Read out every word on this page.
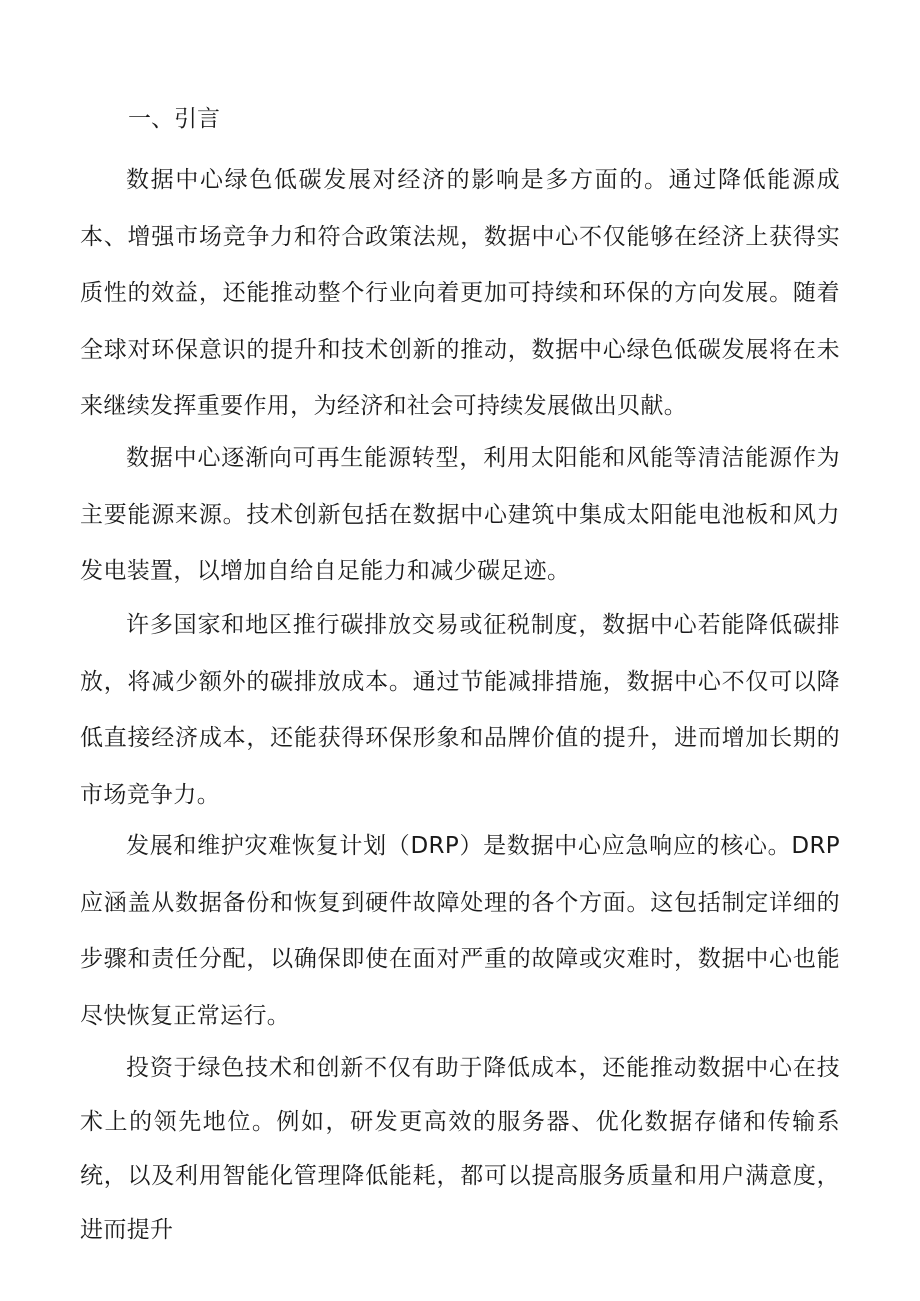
一、引言

数据中心绿色低碳发展对经济的影响是多方面的。通过降低能源成本、增强市场竞争力和符合政策法规，数据中心不仅能够在经济上获得实质性的效益，还能推动整个行业向着更加可持续和环保的方向发展。随着全球对环保意识的提升和技术创新的推动，数据中心绿色低碳发展将在未来继续发挥重要作用，为经济和社会可持续发展做出贝献。

数据中心逐渐向可再生能源转型，利用太阳能和风能等清洁能源作为主要能源来源。技术创新包括在数据中心建筑中集成太阳能电池板和风力发电装置，以增加自给自足能力和减少碳足迹。

许多国家和地区推行碳排放交易或征税制度，数据中心若能降低碳排放，将减少额外的碳排放成本。通过节能减排措施，数据中心不仅可以降低直接经济成本，还能获得环保形象和品牌价值的提升，进而增加长期的市场竞争力。

发展和维护灾难恢复计划（DRP）是数据中心应急响应的核心。DRP应涵盖从数据备份和恢复到硬件故障处理的各个方面。这包括制定详细的步骤和责任分配，以确保即使在面对严重的故障或灾难时，数据中心也能尽快恢复正常运行。

投资于绿色技术和创新不仅有助于降低成本，还能推动数据中心在技术上的领先地位。例如，研发更高效的服务器、优化数据存储和传输系统，以及利用智能化管理降低能耗，都可以提高服务质量和用户满意度，进而提升
